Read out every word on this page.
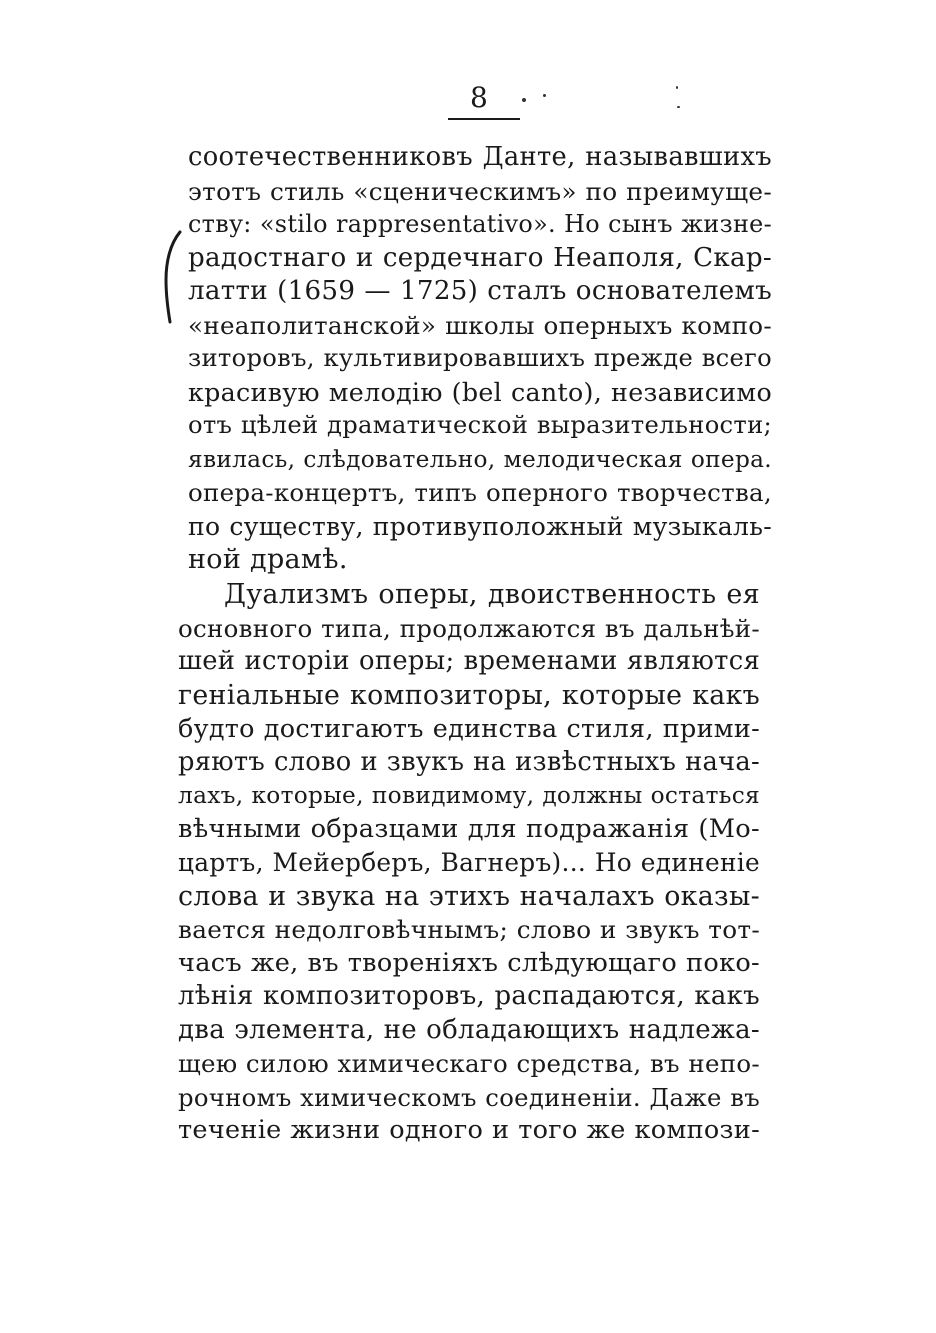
8
соотечественниковъ Данте, называвшихъ
этотъ стиль «сценическимъ» по преимуще-
ству: «stilo rappresentativo». Но сынъ жизне-
радостнаго и сердечнаго Неаполя, Скар-
латти (1659 — 1725) сталъ основателемъ
«неаполитанской» школы оперныхъ компо-
зиторовъ, культивировавшихъ прежде всего
красивую мелодію (bel canto), независимо
отъ цѣлей драматической выразительности;
явилась, слѣдовательно, мелодическая опера.
опера-концертъ, типъ оперного творчества,
по существу, противуположный музыкаль-
ной драмѣ.
Дуализмъ оперы, двоиственность ея
основного типа, продолжаются въ дальнѣй-
шей исторіи оперы; временами являются
геніальные композиторы, которые какъ
будто достигаютъ единства стиля, прими-
ряютъ слово и звукъ на извѣстныхъ нача-
лахъ, которые, повидимому, должны остаться
вѣчными образцами для подражанія (Мо-
цартъ, Мейерберъ, Вагнеръ)... Но единеніе
слова и звука на этихъ началахъ оказы-
вается недолговѣчнымъ; слово и звукъ тот-
часъ же, въ твореніяхъ слѣдующаго поко-
лѣнія композиторовъ, распадаются, какъ
два элемента, не обладающихъ надлежа-
щею силою химическаго средства, въ непо-
рочномъ химическомъ соединеніи. Даже въ
теченіе жизни одного и того же компози-
